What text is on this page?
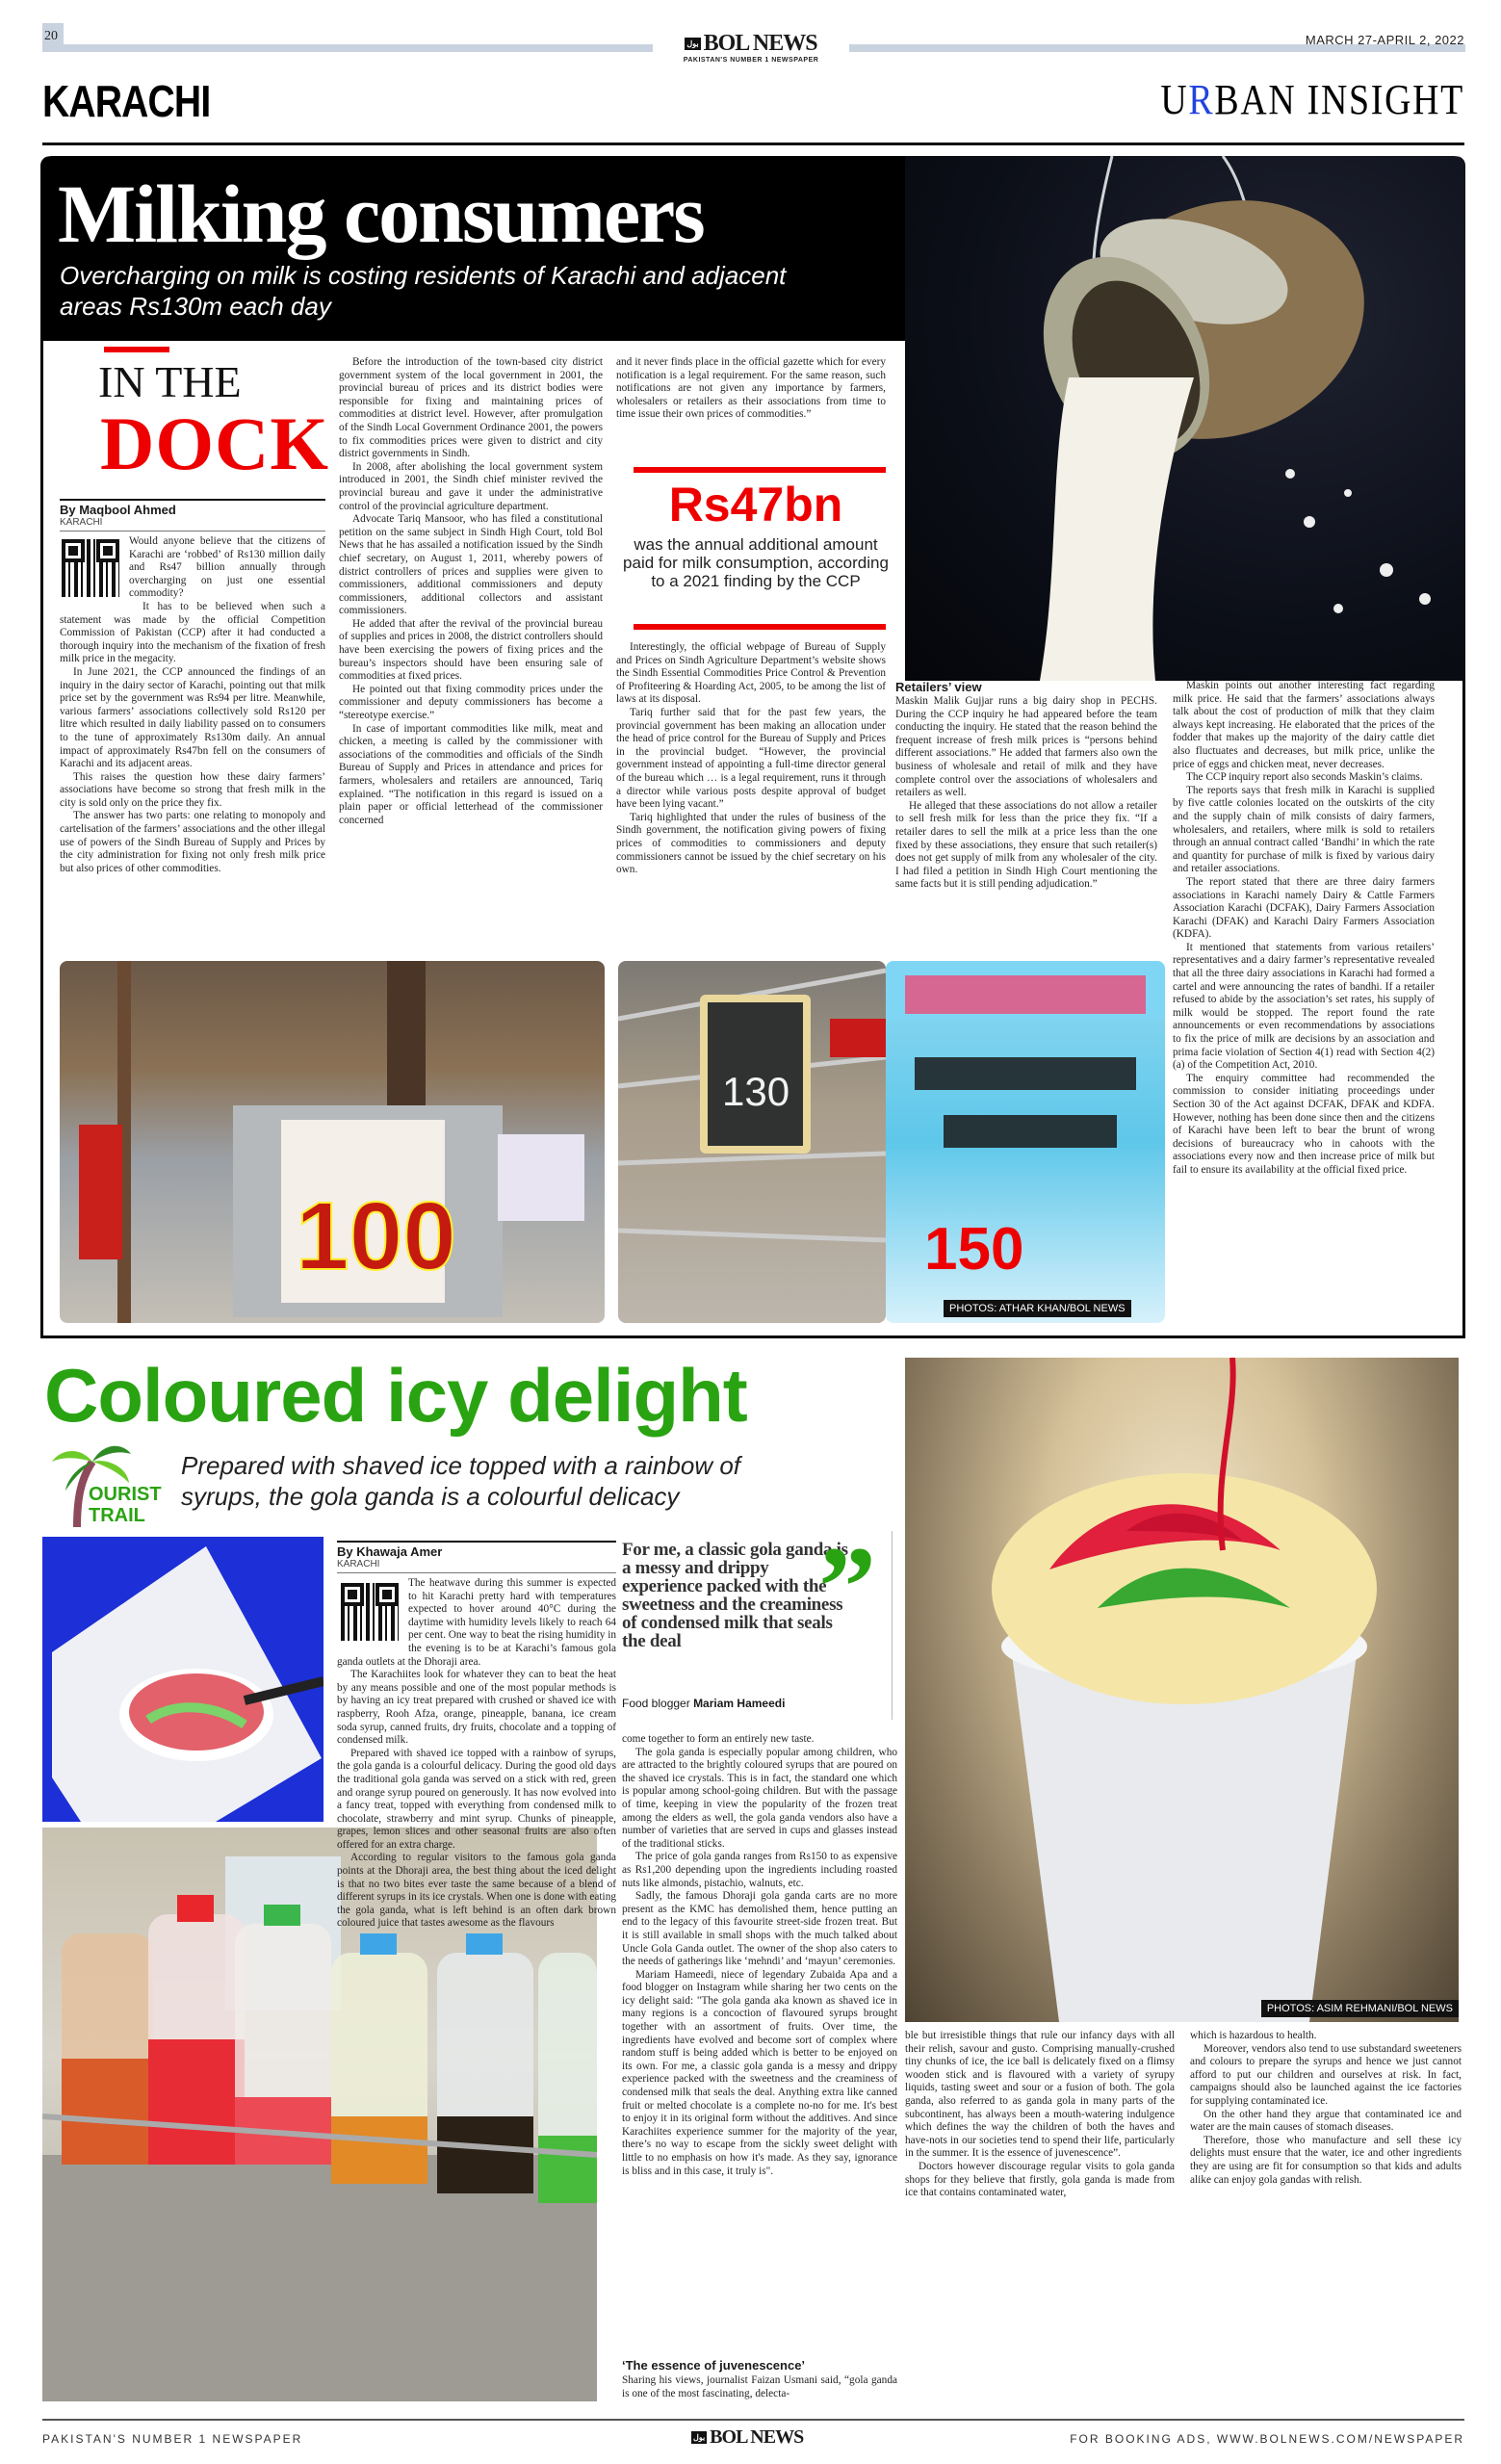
20
بول BOL NEWS
PAKISTAN'S NUMBER 1 NEWSPAPER
MARCH 27-APRIL 2, 2022
KARACHI	URBAN INSIGHT
Milking consumers
Overcharging on milk is costing residents of Karachi and adjacent areas Rs130m each day
IN THE
DOCK
By Maqbool Ahmed
KARACHI

Would anyone believe that the citizens of Karachi are ‘robbed’ of Rs130 million daily and Rs47 billion annually through overcharging on just one essential commodity?

It has to be believed when such a statement was made by the official Competition Commission of Pakistan (CCP) after it had conducted a thorough inquiry into the mechanism of the fixation of fresh milk price in the megacity.

In June 2021, the CCP announced the findings of an inquiry in the dairy sector of Karachi, pointing out that milk price set by the government was Rs94 per litre. Meanwhile, various farmers’ associations collectively sold Rs120 per litre which resulted in daily liability passed on to consumers to the tune of approximately Rs130m daily. An annual impact of approximately Rs47bn fell on the consumers of Karachi and its adjacent areas.

This raises the question how these dairy farmers’ associations have become so strong that fresh milk in the city is sold only on the price they fix.

The answer has two parts: one relating to monopoly and cartelisation of the farmers’ associations and the other illegal use of powers of the Sindh Bureau of Supply and Prices by the city administration for fixing not only fresh milk price but also prices of other commodities.

Before the introduction of the town-based city district government system of the local government in 2001, the provincial bureau of prices and its district bodies were responsible for fixing and maintaining prices of commodities at district level. However, after promulgation of the Sindh Local Government Ordinance 2001, the powers to fix commodities prices were given to district and city district governments in Sindh.

In 2008, after abolishing the local government system introduced in 2001, the Sindh chief minister revived the provincial bureau and gave it under the administrative control of the provincial agriculture department.

Advocate Tariq Mansoor, who has filed a constitutional petition on the same subject in Sindh High Court, told Bol News that he has assailed a notification issued by the Sindh chief secretary, on August 1, 2011, whereby powers of district controllers of prices and supplies were given to commissioners, additional commissioners and deputy commissioners, additional collectors and assistant commissioners.

He added that after the revival of the provincial bureau of supplies and prices in 2008, the district controllers should have been exercising the powers of fixing prices and the bureau’s inspectors should have been ensuring sale of commodities at fixed prices.

He pointed out that fixing commodity prices under the commissioner and deputy commissioners has become a “stereotype exercise.”

In case of important commodities like milk, meat and chicken, a meeting is called by the commissioner with associations of the commodities and officials of the Sindh Bureau of Supply and Prices in attendance and prices for farmers, wholesalers and retailers are announced, Tariq explained. “The notification in this regard is issued on a plain paper or official letterhead of the commissioner concerned

and it never finds place in the official gazette which for every notification is a legal requirement. For the same reason, such notifications are not given any importance by farmers, wholesalers or retailers as their associations from time to time issue their own prices of commodities.”

Rs47bn
was the annual additional amount paid for milk consumption, according to a 2021 finding by the CCP

Interestingly, the official webpage of Bureau of Supply and Prices on Sindh Agriculture Department’s website shows the Sindh Essential Commodities Price Control & Prevention of Profiteering & Hoarding Act, 2005, to be among the list of laws at its disposal.

Tariq further said that for the past few years, the provincial government has been making an allocation under the head of price control for the Bureau of Supply and Prices in the provincial budget. “However, the provincial government instead of appointing a full-time director general of the bureau which … is a legal requirement, runs it through a director while various posts despite approval of budget have been lying vacant.”

Tariq highlighted that under the rules of business of the Sindh government, the notification giving powers of fixing prices of commodities to commissioners and deputy commissioners cannot be issued by the chief secretary on his own.

Retailers’ view

Maskin Malik Gujjar runs a big dairy shop in PECHS. During the CCP inquiry he had appeared before the team conducting the inquiry. He stated that the reason behind the frequent increase of fresh milk prices is “persons behind different associations.” He added that farmers also own the business of wholesale and retail of milk and they have complete control over the associations of wholesalers and retailers as well.

He alleged that these associations do not allow a retailer to sell fresh milk for less than the price they fix. “If a retailer dares to sell the milk at a price less than the one fixed by these associations, they ensure that such retailer(s) does not get supply of milk from any wholesaler of the city. I had filed a petition in Sindh High Court mentioning the same facts but it is still pending adjudication.”

Maskin points out another interesting fact regarding milk price. He said that the farmers’ associations always talk about the cost of production of milk that they claim always kept increasing. He elaborated that the prices of the fodder that makes up the majority of the dairy cattle diet also fluctuates and decreases, but milk price, unlike the price of eggs and chicken meat, never decreases.

The CCP inquiry report also seconds Maskin’s claims.

The reports says that fresh milk in Karachi is supplied by five cattle colonies located on the outskirts of the city and the supply chain of milk consists of dairy farmers, wholesalers, and retailers, where milk is sold to retailers through an annual contract called ‘Bandhi’ in which the rate and quantity for purchase of milk is fixed by various dairy and retailer associations.

The report stated that there are three dairy farmers associations in Karachi namely Dairy & Cattle Farmers Association Karachi (DCFAK), Dairy Farmers Association Karachi (DFAK) and Karachi Dairy Farmers Association (KDFA).

It mentioned that statements from various retailers’ representatives and a dairy farmer’s representative revealed that all the three dairy associations in Karachi had formed a cartel and were announcing the rates of bandhi. If a retailer refused to abide by the association’s set rates, his supply of milk would be stopped. The report found the rate announcements or even recommendations by associations to fix the price of milk are decisions by an association and prima facie violation of Section 4(1) read with Section 4(2)(a) of the Competition Act, 2010.

The enquiry committee had recommended the commission to consider initiating proceedings under Section 30 of the Act against DCFAK, DFAK and KDFA. However, nothing has been done since then and the citizens of Karachi have been left to bear the brunt of wrong decisions of bureaucracy who in cahoots with the associations every now and then increase price of milk but fail to ensure its availability at the official fixed price.

100
130
150
PHOTOS: ATHAR KHAN/BOL NEWS
Coloured icy delight
OURIST
TRAIL
Prepared with shaved ice topped with a rainbow of syrups, the gola ganda is a colourful delicacy
PHOTOS: ASIM REHMANI/BOL NEWS
By Khawaja Amer
KARACHI

The heatwave during this summer is expected to hit Karachi pretty hard with temperatures expected to hover around 40°C during the daytime with humidity levels likely to reach 64 per cent. One way to beat the rising humidity in the evening is to be at Karachi’s famous gola ganda outlets at the Dhoraji area.

The Karachiites look for whatever they can to beat the heat by any means possible and one of the most popular methods is by having an icy treat prepared with crushed or shaved ice with raspberry, Rooh Afza, orange, pineapple, banana, ice cream soda syrup, canned fruits, dry fruits, chocolate and a topping of condensed milk.

Prepared with shaved ice topped with a rainbow of syrups, the gola ganda is a colourful delicacy. During the good old days the traditional gola ganda was served on a stick with red, green and orange syrup poured on generously. It has now evolved into a fancy treat, topped with everything from condensed milk to chocolate, strawberry and mint syrup. Chunks of pineapple, grapes, lemon slices and other seasonal fruits are also often offered for an extra charge.

According to regular visitors to the famous gola ganda points at the Dhoraji area, the best thing about the iced delight is that no two bites ever taste the same because of a blend of different syrups in its ice crystals. When one is done with eating the gola ganda, what is left behind is an often dark brown coloured juice that tastes awesome as the flavours

For me, a classic gola ganda is a messy and drippy experience packed with the sweetness and the creaminess of condensed milk that seals the deal	”
Food blogger Mariam Hameedi

come together to form an entirely new taste.

The gola ganda is especially popular among children, who are attracted to the brightly coloured syrups that are poured on the shaved ice crystals. This is in fact, the standard one which is popular among school-going children. But with the passage of time, keeping in view the popularity of the frozen treat among the elders as well, the gola ganda vendors also have a number of varieties that are served in cups and glasses instead of the traditional sticks.

The price of gola ganda ranges from Rs150 to as expensive as Rs1,200 depending upon the ingredients including roasted nuts like almonds, pistachio, walnuts, etc.

Sadly, the famous Dhoraji gola ganda carts are no more present as the KMC has demolished them, hence putting an end to the legacy of this favourite street-side frozen treat. But it is still available in small shops with the much talked about Uncle Gola Ganda outlet. The owner of the shop also caters to the needs of gatherings like ‘mehndi’ and ‘mayun’ ceremonies.

Mariam Hameedi, niece of legendary Zubaida Apa and a food blogger on Instagram while sharing her two cents on the icy delight said: "The gola ganda aka known as shaved ice in many regions is a concoction of flavoured syrups brought together with an assortment of fruits. Over time, the ingredients have evolved and become sort of complex where random stuff is being added which is better to be enjoyed on its own. For me, a classic gola ganda is a messy and drippy experience packed with the sweetness and the creaminess of condensed milk that seals the deal. Anything extra like canned fruit or melted chocolate is a complete no-no for me. It's best to enjoy it in its original form without the additives. And since Karachiites experience summer for the majority of the year, there’s no way to escape from the sickly sweet delight with little to no emphasis on how it's made. As they say, ignorance is bliss and in this case, it truly is".

‘The essence of juvenescence’

Sharing his views, journalist Faizan Usmani said, “gola ganda is one of the most fascinating, delecta-

ble but irresistible things that rule our infancy days with all their relish, savour and gusto. Comprising manually-crushed tiny chunks of ice, the ice ball is delicately fixed on a flimsy wooden stick and is flavoured with a variety of syrupy liquids, tasting sweet and sour or a fusion of both. The gola ganda, also referred to as ganda gola in many parts of the subcontinent, has always been a mouth-watering indulgence which defines the way the children of both the haves and have-nots in our societies tend to spend their life, particularly in the summer. It is the essence of juvenescence”.

Doctors however discourage regular visits to gola ganda shops for they believe that firstly, gola ganda is made from ice that contains contaminated water,

which is hazardous to health.

Moreover, vendors also tend to use substandard sweeteners and colours to prepare the syrups and hence we just cannot afford to put our children and ourselves at risk. In fact, campaigns should also be launched against the ice factories for supplying contaminated ice.

On the other hand they argue that contaminated ice and water are the main causes of stomach diseases.

Therefore, those who manufacture and sell these icy delights must ensure that the water, ice and other ingredients they are using are fit for consumption so that kids and adults alike can enjoy gola gandas with relish.

PAKISTAN'S NUMBER 1 NEWSPAPER	بول BOL NEWS	FOR BOOKING ADS, WWW.BOLNEWS.COM/NEWSPAPER
